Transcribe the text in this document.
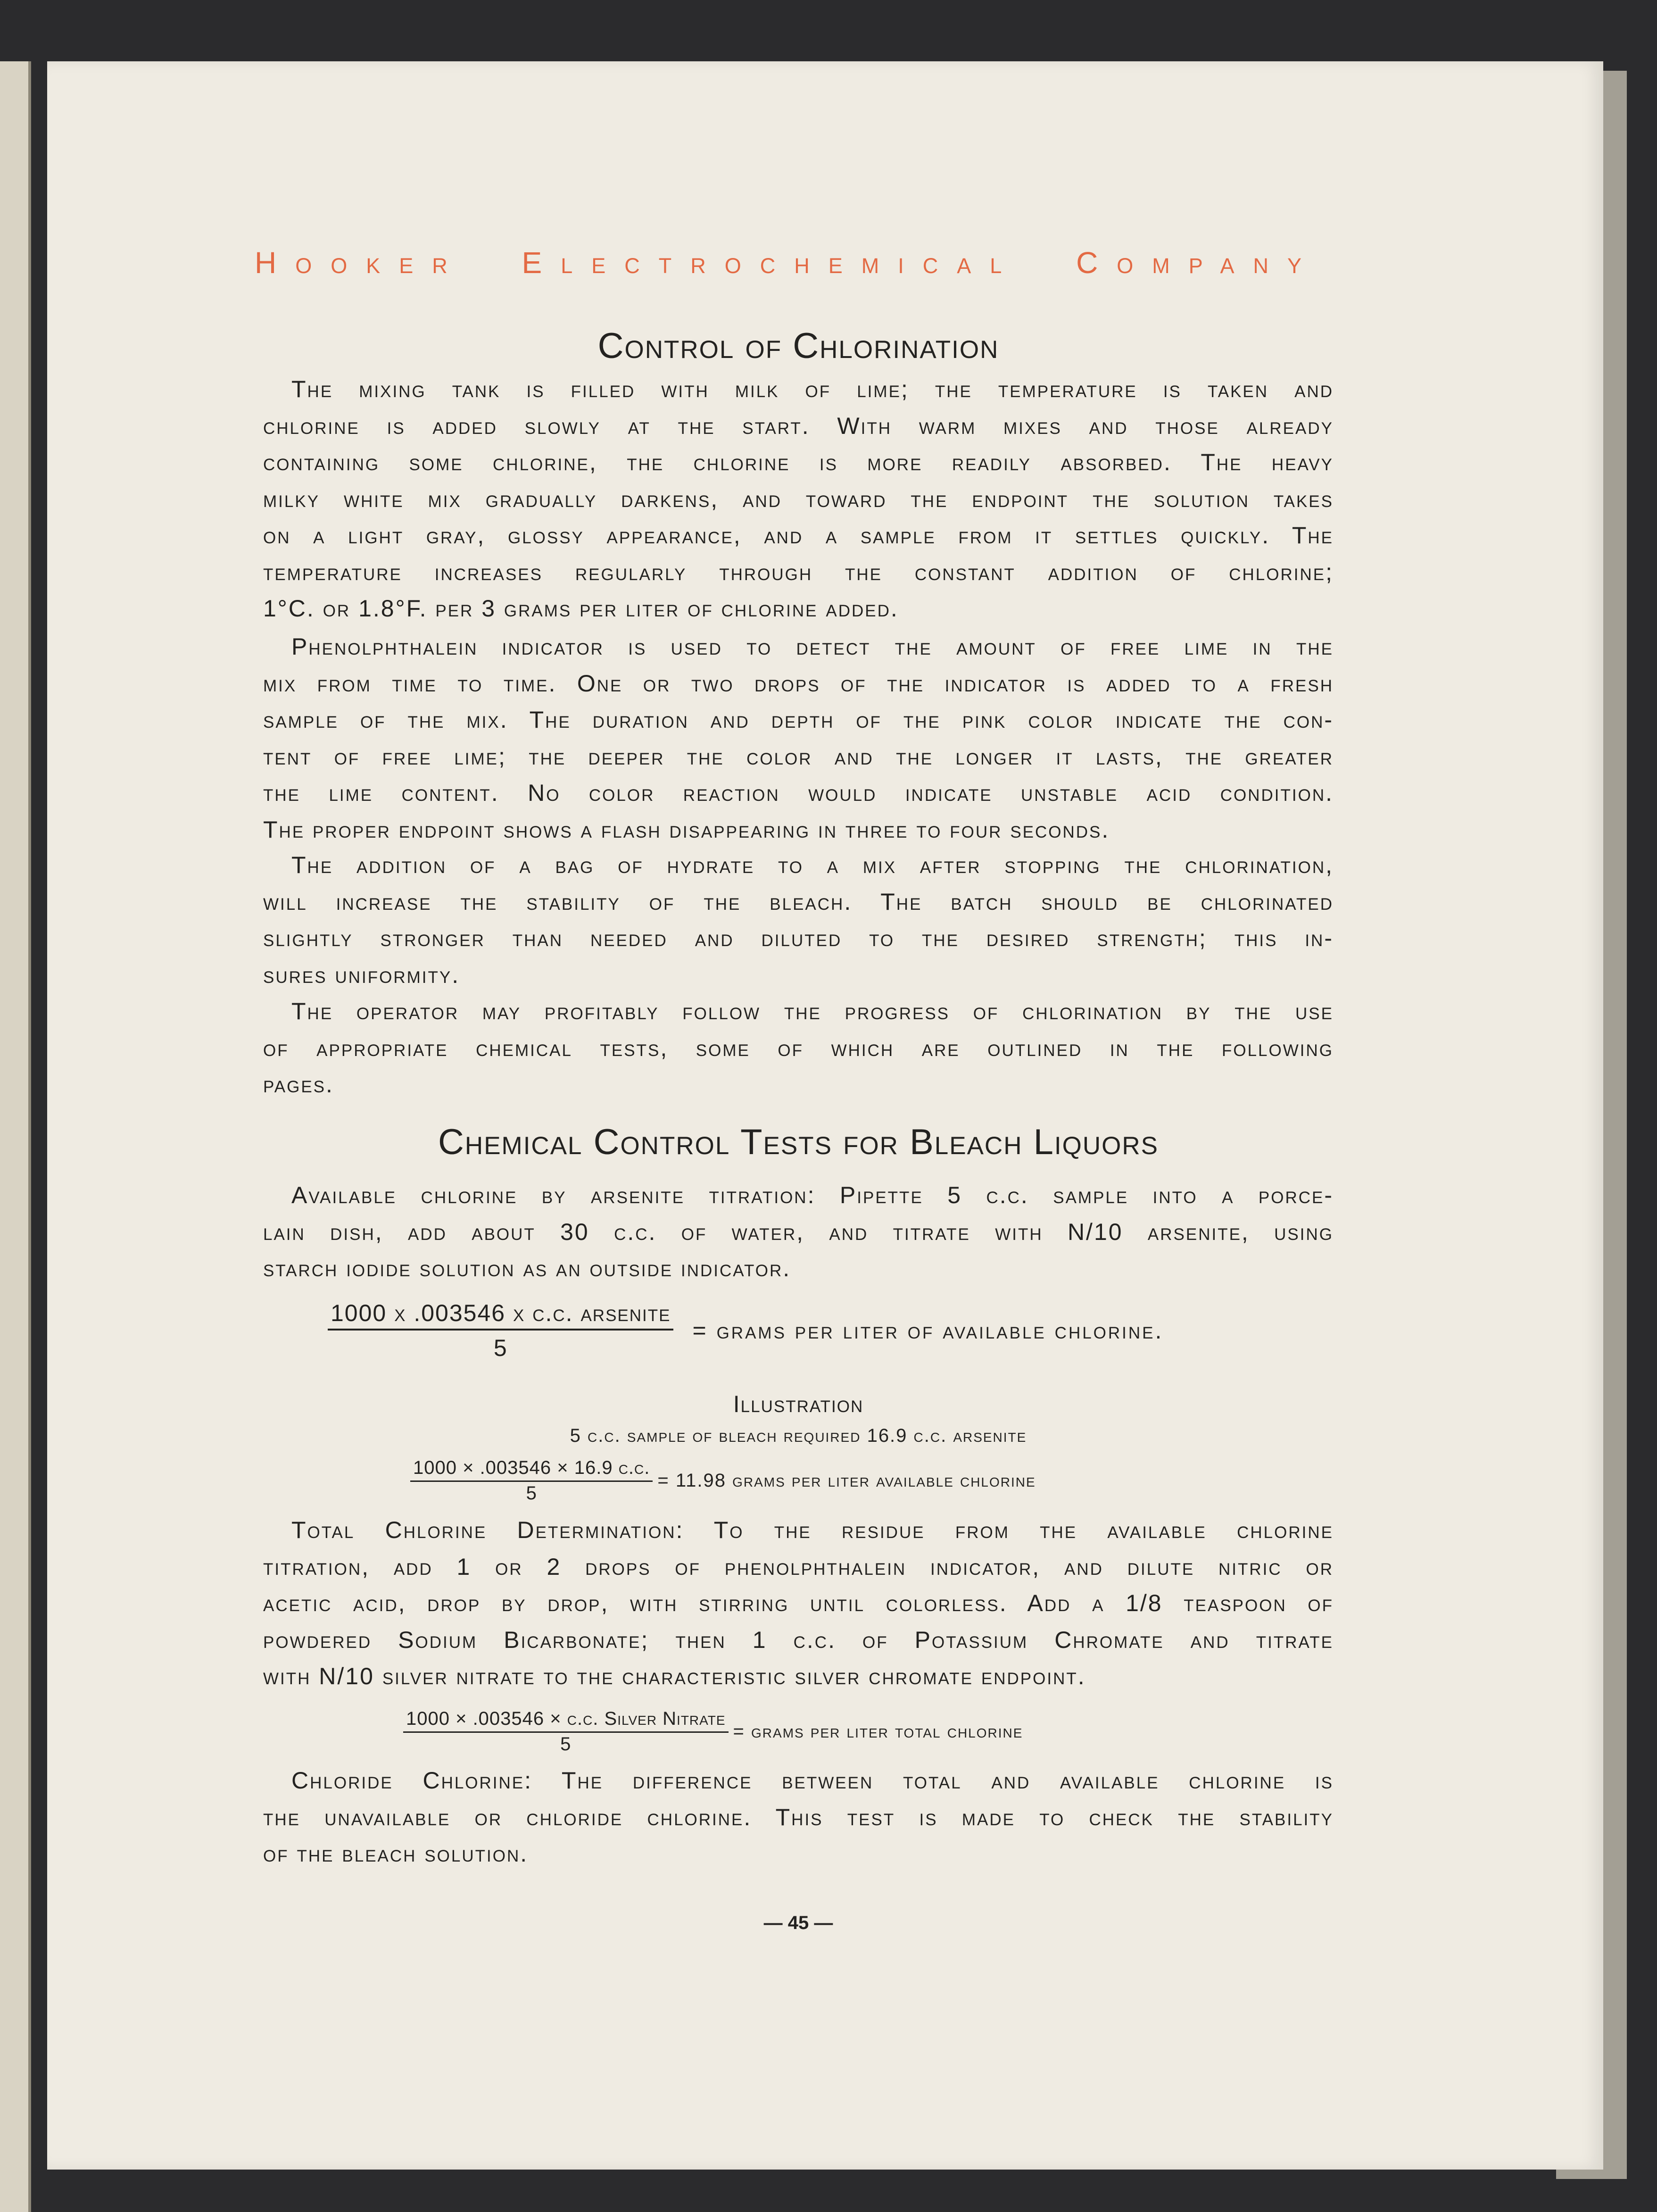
Hooker Electrochemical Company
Control of Chlorination
The mixing tank is filled with milk of lime; the temperature is taken and
chlorine is added slowly at the start. With warm mixes and those already
containing some chlorine, the chlorine is more readily absorbed. The heavy
milky white mix gradually darkens, and toward the endpoint the solution takes
on a light gray, glossy appearance, and a sample from it settles quickly. The
temperature increases regularly through the constant addition of chlorine;
1°C. or 1.8°F. per 3 grams per liter of chlorine added.
Phenolphthalein indicator is used to detect the amount of free lime in the
mix from time to time. One or two drops of the indicator is added to a fresh
sample of the mix. The duration and depth of the pink color indicate the con-
tent of free lime; the deeper the color and the longer it lasts, the greater
the lime content. No color reaction would indicate unstable acid condition.
The proper endpoint shows a flash disappearing in three to four seconds.
The addition of a bag of hydrate to a mix after stopping the chlorination,
will increase the stability of the bleach. The batch should be chlorinated
slightly stronger than needed and diluted to the desired strength; this in-
sures uniformity.
The operator may profitably follow the progress of chlorination by the use
of appropriate chemical tests, some of which are outlined in the following
pages.
Chemical Control Tests for Bleach Liquors
Available chlorine by arsenite titration: Pipette 5 c.c. sample into a porce-
lain dish, add about 30 c.c. of water, and titrate with N/10 arsenite, using
starch iodide solution as an outside indicator.
$\frac{\text{1000 x .003546 x c.c. arsenite}}{5}$ = grams per liter of available chlorine.
Illustration
5 c.c. sample of bleach required 16.9 c.c. arsenite
$\frac{1000 \times .003546 \times 16.9 c.c.}{5} = 11.98$ grams per liter available chlorine
Total Chlorine Determination: To the residue from the available chlorine
titration, add 1 or 2 drops of phenolphthalein indicator, and dilute nitric or
acetic acid, drop by drop, with stirring until colorless. Add a 1/8 teaspoon of
powdered Sodium Bicarbonate; then 1 c.c. of Potassium Chromate and titrate
with N/10 silver nitrate to the characteristic silver chromate endpoint.
$\frac{\text{1000 × .003546 × c.c. Silver Nitrate}}{5}$ = grams per liter total chlorine
Chloride Chlorine: The difference between total and available chlorine is
the unavailable or chloride chlorine. This test is made to check the stability
of the bleach solution.
— 45 —
